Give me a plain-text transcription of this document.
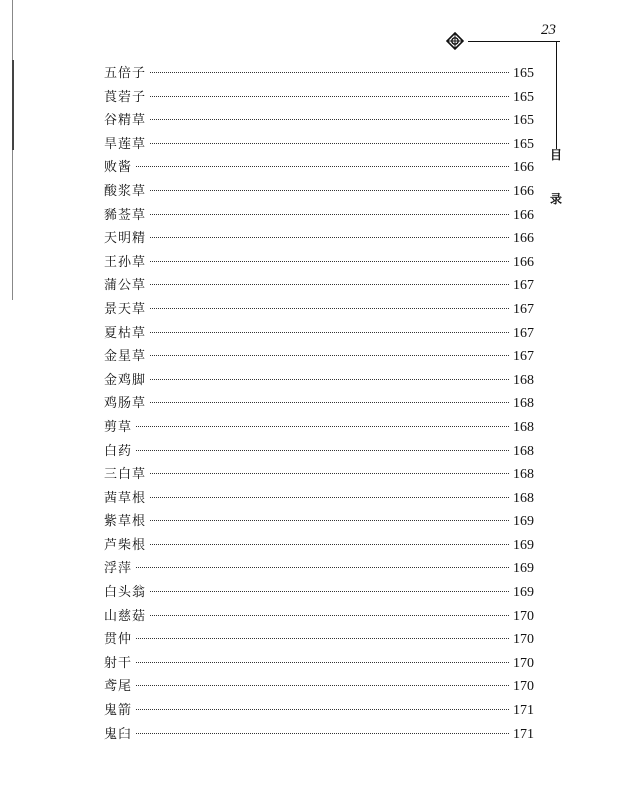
23
目
录
五倍子	165
莨菪子	165
谷精草	165
旱莲草	165
败酱	166
酸浆草	166
豨莶草	166
天明精	166
王孙草	166
蒲公草	167
景天草	167
夏枯草	167
金星草	167
金鸡脚	168
鸡肠草	168
剪草	168
白药	168
三白草	168
茜草根	168
紫草根	169
芦柴根	169
浮萍	169
白头翁	169
山慈菇	170
贯仲	170
射干	170
鸢尾	170
鬼箭	171
鬼臼	171
